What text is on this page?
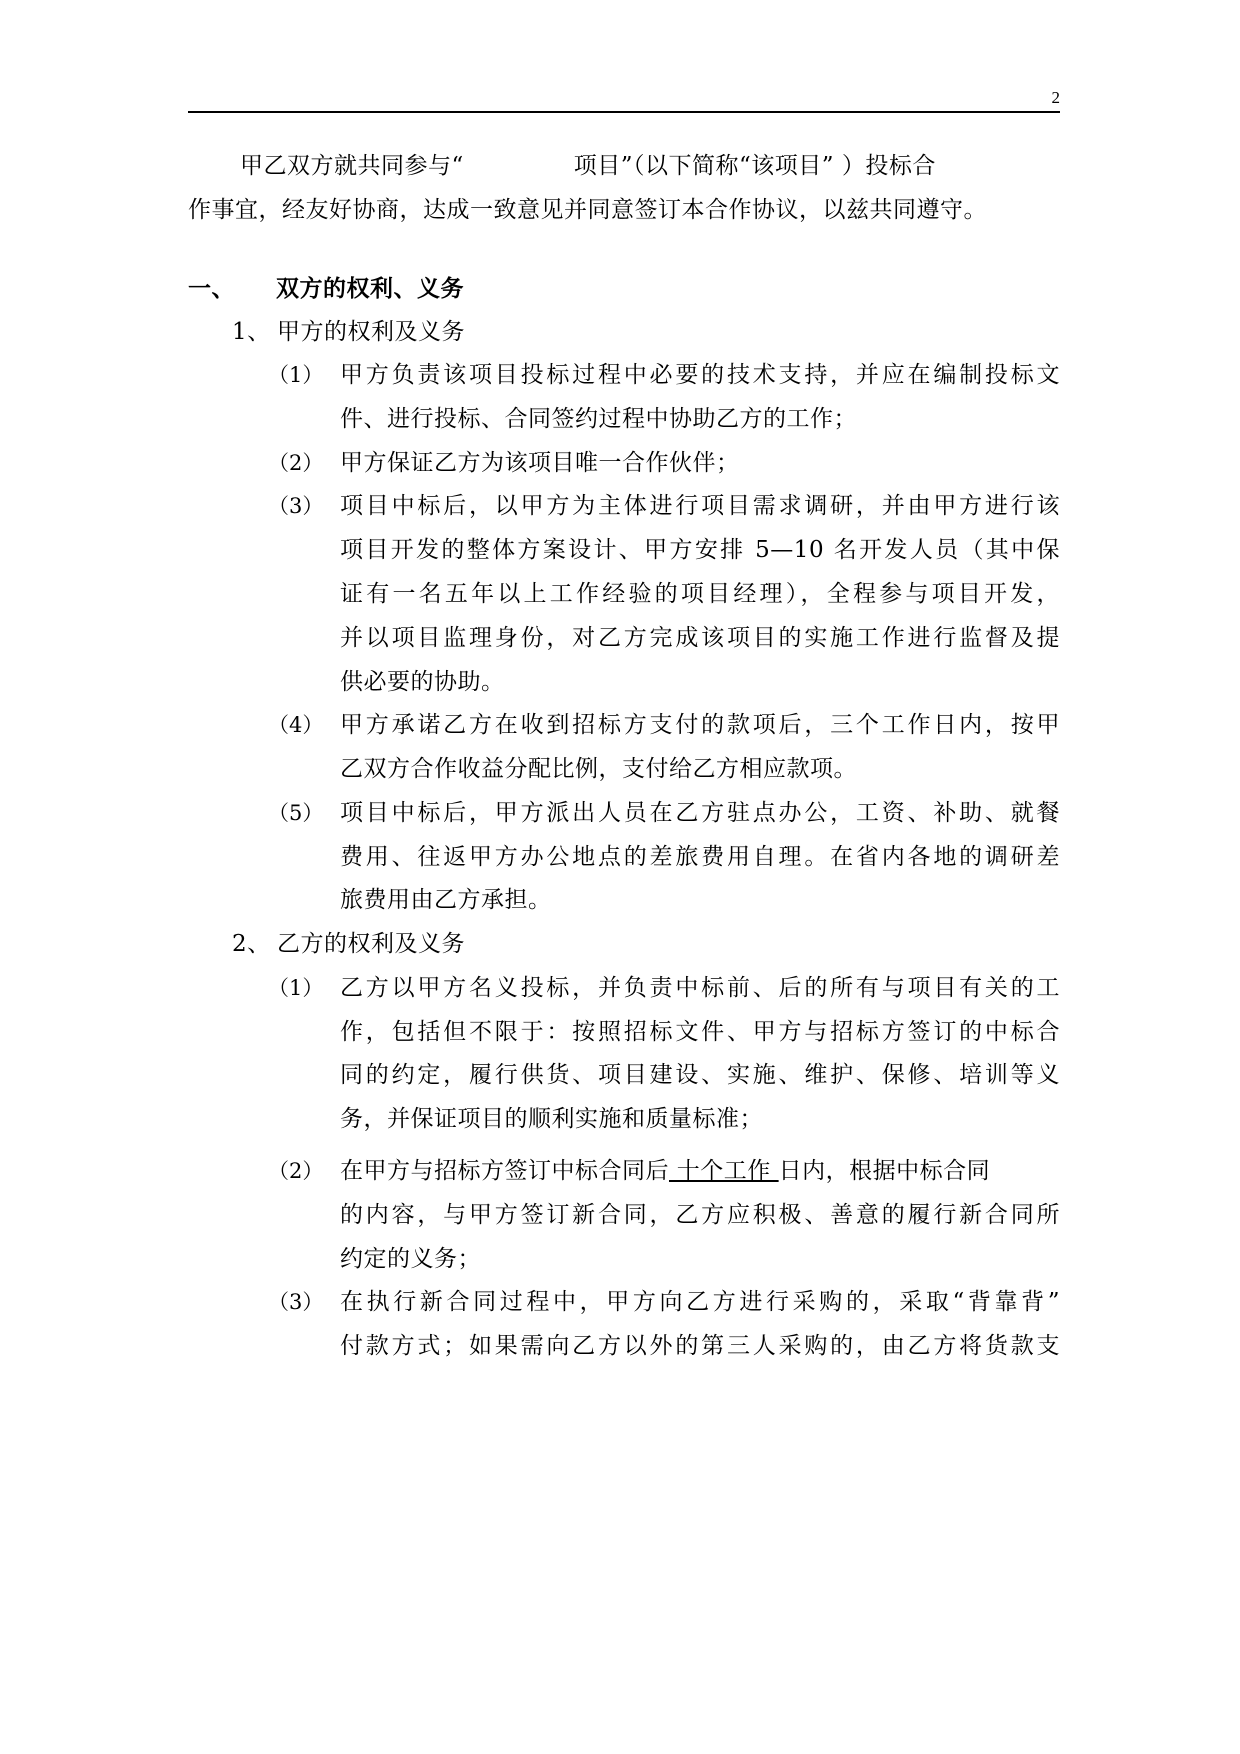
2
甲乙双方就共同参与“	项目”（以下简称“该项目” ）投标合
作事宜，经友好协商，达成一致意见并同意签订本合作协议，以兹共同遵守。
一、 双方的权利、义务
1、 甲方的权利及义务
（1） 甲方负责该项目投标过程中必要的技术支持，并应在编制投标文
件、进行投标、合同签约过程中协助乙方的工作；
（2） 甲方保证乙方为该项目唯一合作伙伴；
（3） 项目中标后，以甲方为主体进行项目需求调研，并由甲方进行该
项目开发的整体方案设计、甲方安排 5—10 名开发人员（其中保
证有一名五年以上工作经验的项目经理），全程参与项目开发，
并以项目监理身份，对乙方完成该项目的实施工作进行监督及提
供必要的协助。
（4） 甲方承诺乙方在收到招标方支付的款项后，三个工作日内，按甲
乙双方合作收益分配比例，支付给乙方相应款项。
（5） 项目中标后，甲方派出人员在乙方驻点办公，工资、补助、就餐
费用、往返甲方办公地点的差旅费用自理。在省内各地的调研差
旅费用由乙方承担。
2、 乙方的权利及义务
（1） 乙方以甲方名义投标，并负责中标前、后的所有与项目有关的工
作，包括但不限于：按照招标文件、甲方与招标方签订的中标合
同的约定，履行供货、项目建设、实施、维护、保修、培训等义
务，并保证项目的顺利实施和质量标准；
（2） 在甲方与招标方签订中标合同后 十个工作 日内，根据中标合同
的内容，与甲方签订新合同，乙方应积极、善意的履行新合同所
约定的义务；
（3） 在执行新合同过程中，甲方向乙方进行采购的，采取“背靠背”
付款方式；如果需向乙方以外的第三人采购的，由乙方将货款支
